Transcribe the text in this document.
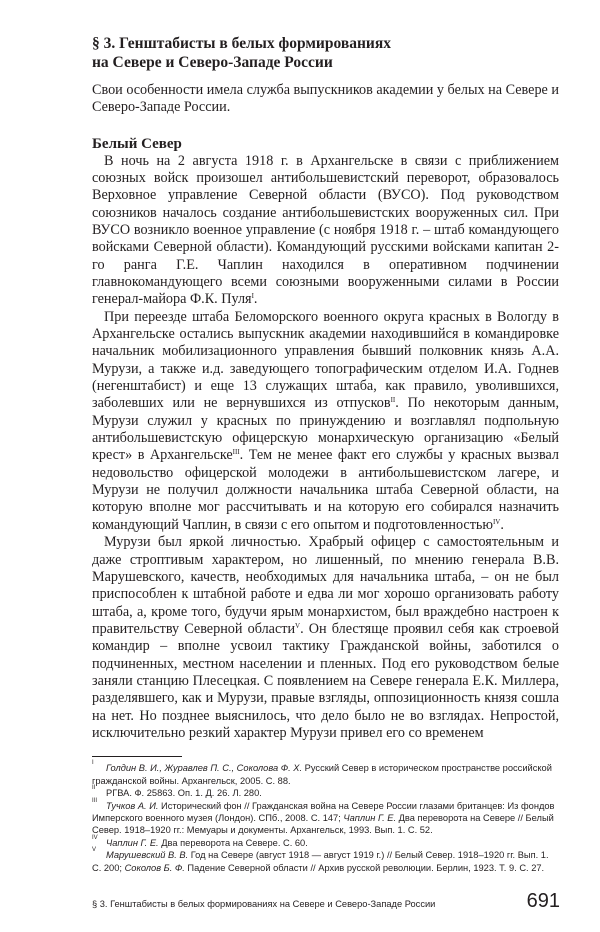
§ 3. Генштабисты в белых формированиях
на Севере и Северо-Западе России
Свои особенности имела служба выпускников академии у белых на Севере и Северо-Западе России.
Белый Север

В ночь на 2 августа 1918 г. в Архангельске в связи с приближением союзных войск произошел антибольшевистский переворот, образовалось Верховное управление Северной области (ВУСО). Под руководством союзников началось создание антибольшевистских вооруженных сил. При ВУСО возникло военное управление (с ноября 1918 г. – штаб командующего войсками Северной области). Командующий русскими войсками капитан 2-го ранга Г.Е. Чаплин находился в оперативном подчинении главнокомандующего всеми союзными вооруженными силами в России генерал-майора Ф.К. Пуля$^I$.

При переезде штаба Беломорского военного округа красных в Вологду в Архангельске остались выпускник академии находившийся в командировке начальник мобилизационного управления бывший полковник князь А.А. Мурузи, а также и.д. заведующего топографическим отделом И.А. Годнев (негенштабист) и еще 13 служащих штаба, как правило, уволившихся, заболевших или не вернувшихся из отпусков$^{II}$. По некоторым данным, Мурузи служил у красных по принуждению и возглавлял подпольную антибольшевистскую офицерскую монархическую организацию «Белый крест» в Архангельске$^{III}$. Тем не менее факт его службы у красных вызвал недовольство офицерской молодежи в антибольшевистском лагере, и Мурузи не получил должности начальника штаба Северной области, на которую вполне мог рассчитывать и на которую его собирался назначить командующий Чаплин, в связи с его опытом и подготовленностью$^{IV}$.

Мурузи был яркой личностью. Храбрый офицер с самостоятельным и даже строптивым характером, но лишенный, по мнению генерала В.В. Марушевского, качеств, необходимых для начальника штаба, – он не был приспособлен к штабной работе и едва ли мог хорошо организовать работу штаба, а, кроме того, будучи ярым монархистом, был враждебно настроен к правительству Северной области$^V$. Он блестяще проявил себя как строевой командир – вполне усвоил тактику Гражданской войны, заботился о подчиненных, местном населении и пленных. Под его руководством белые заняли станцию Плесецкая. С появлением на Севере генерала Е.К. Миллера, разделявшего, как и Мурузи, правые взгляды, оппозиционность князя сошла на нет. Но позднее выяснилось, что дело было не во взглядах. Непростой, исключительно резкий характер Мурузи привел его со временем

I Голдин В. И., Журавлев П. С., Соколова Ф. Х. Русский Север в историческом пространстве российской гражданской войны. Архангельск, 2005. С. 88.

II РГВА. Ф. 25863. Оп. 1. Д. 26. Л. 280.

III Тучков А. И. Исторический фон // Гражданская война на Севере России глазами британцев: Из фондов Имперского военного музея (Лондон). СПб., 2008. С. 147; Чаплин Г. Е. Два переворота на Севере // Белый Север. 1918–1920 гг.: Мемуары и документы. Архангельск, 1993. Вып. 1. С. 52.

IV Чаплин Г. Е. Два переворота на Севере. С. 60.

V Марушевский В. В. Год на Севере (август 1918 — август 1919 г.) // Белый Север. 1918–1920 гг. Вып. 1. С. 200; Соколов Б. Ф. Падение Северной области // Архив русской революции. Берлин, 1923. Т. 9. С. 27.

§ 3. Генштабисты в белых формированиях на Севере и Северо-Западе России	691
